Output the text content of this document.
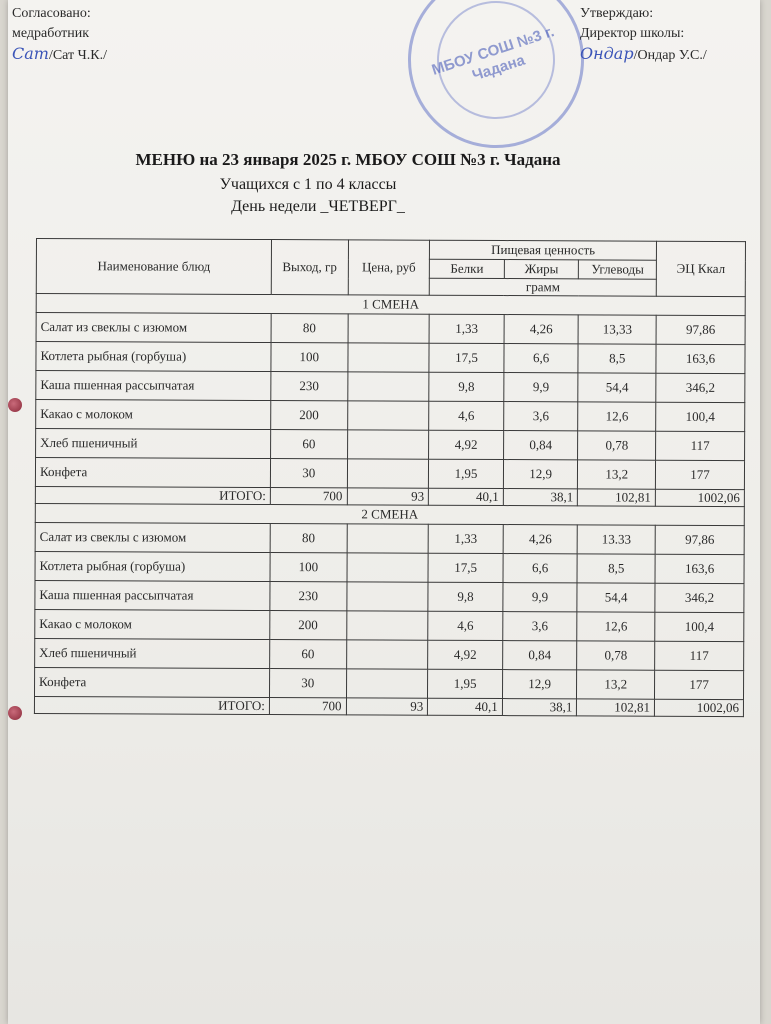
Согласовано:
медработник
Сат/Сат Ч.К./	МБОУ СОШ №3 г. Чадана
Утверждаю:
Директор школы:
Ондар/Ондар У.С./
МЕНЮ на 23 января 2025 г. МБОУ СОШ №3 г. Чадана
Учащихся с 1 по 4 классы
День недели _ЧЕТВЕРГ_
Наименование блюд	Выход, гр	Цена, руб	Пищевая ценность			ЭЦ Ккал
			Белки	Жиры	Углеводы	
			грамм			
1 СМЕНА						
Салат из свеклы с изюмом	80		1,33	4,26	13,33	97,86
Котлета рыбная (горбуша)	100		17,5	6,6	8,5	163,6
Каша пшенная рассыпчатая	230		9,8	9,9	54,4	346,2
Какао с молоком	200		4,6	3,6	12,6	100,4
Хлеб пшеничный	60		4,92	0,84	0,78	117
Конфета	30		1,95	12,9	13,2	177
ИТОГО:	700	93	40,1	38,1	102,81	1002,06
2 СМЕНА						
Салат из свеклы с изюмом	80		1,33	4,26	13.33	97,86
Котлета рыбная (горбуша)	100		17,5	6,6	8,5	163,6
Каша пшенная рассыпчатая	230		9,8	9,9	54,4	346,2
Какао с молоком	200		4,6	3,6	12,6	100,4
Хлеб пшеничный	60		4,92	0,84	0,78	117
Конфета	30		1,95	12,9	13,2	177
ИТОГО:	700	93	40,1	38,1	102,81	1002,06
